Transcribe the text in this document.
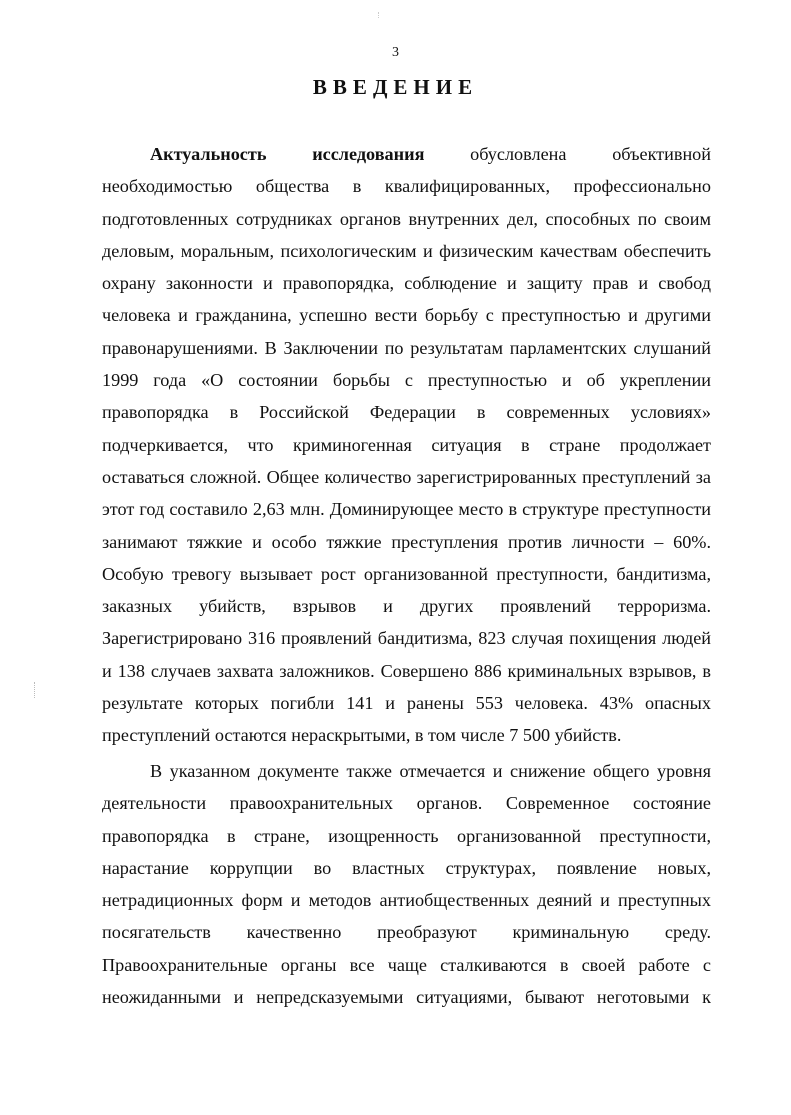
3
ВВЕДЕНИЕ
Актуальность	исследования	обусловлена	объективной
необходимостью общества в квалифицированных, профессионально
подготовленных сотрудниках органов внутренних дел, способных по своим
деловым, моральным, психологическим и физическим качествам обеспечить
охрану законности и правопорядка, соблюдение и защиту прав и свобод
человека и гражданина, успешно вести борьбу с преступностью и другими
правонарушениями. В Заключении по результатам парламентских слушаний
1999 года «О состоянии борьбы с преступностью и об укреплении
правопорядка в Российской Федерации в современных условиях»
подчеркивается, что криминогенная ситуация в стране продолжает
оставаться сложной. Общее количество зарегистрированных преступлений за
этот год составило 2,63 млн. Доминирующее место в структуре преступности
занимают тяжкие и особо тяжкие преступления против личности – 60%.
Особую тревогу вызывает рост организованной преступности, бандитизма,
заказных убийств, взрывов и других проявлений терроризма.
Зарегистрировано 316 проявлений бандитизма, 823 случая похищения людей
и 138 случаев захвата заложников. Совершено 886 криминальных взрывов, в
результате которых погибли 141 и ранены 553 человека. 43% опасных
преступлений остаются нераскрытыми, в том числе 7 500 убийств.
В указанном документе также отмечается и снижение общего уровня
деятельности правоохранительных органов. Современное состояние
правопорядка в стране, изощренность организованной преступности,
нарастание коррупции во властных структурах, появление новых,
нетрадиционных форм и методов антиобщественных деяний и преступных
посягательств качественно преобразуют криминальную среду.
Правоохранительные органы все чаще сталкиваются в своей работе с
неожиданными и непредсказуемыми ситуациями, бывают неготовыми к
